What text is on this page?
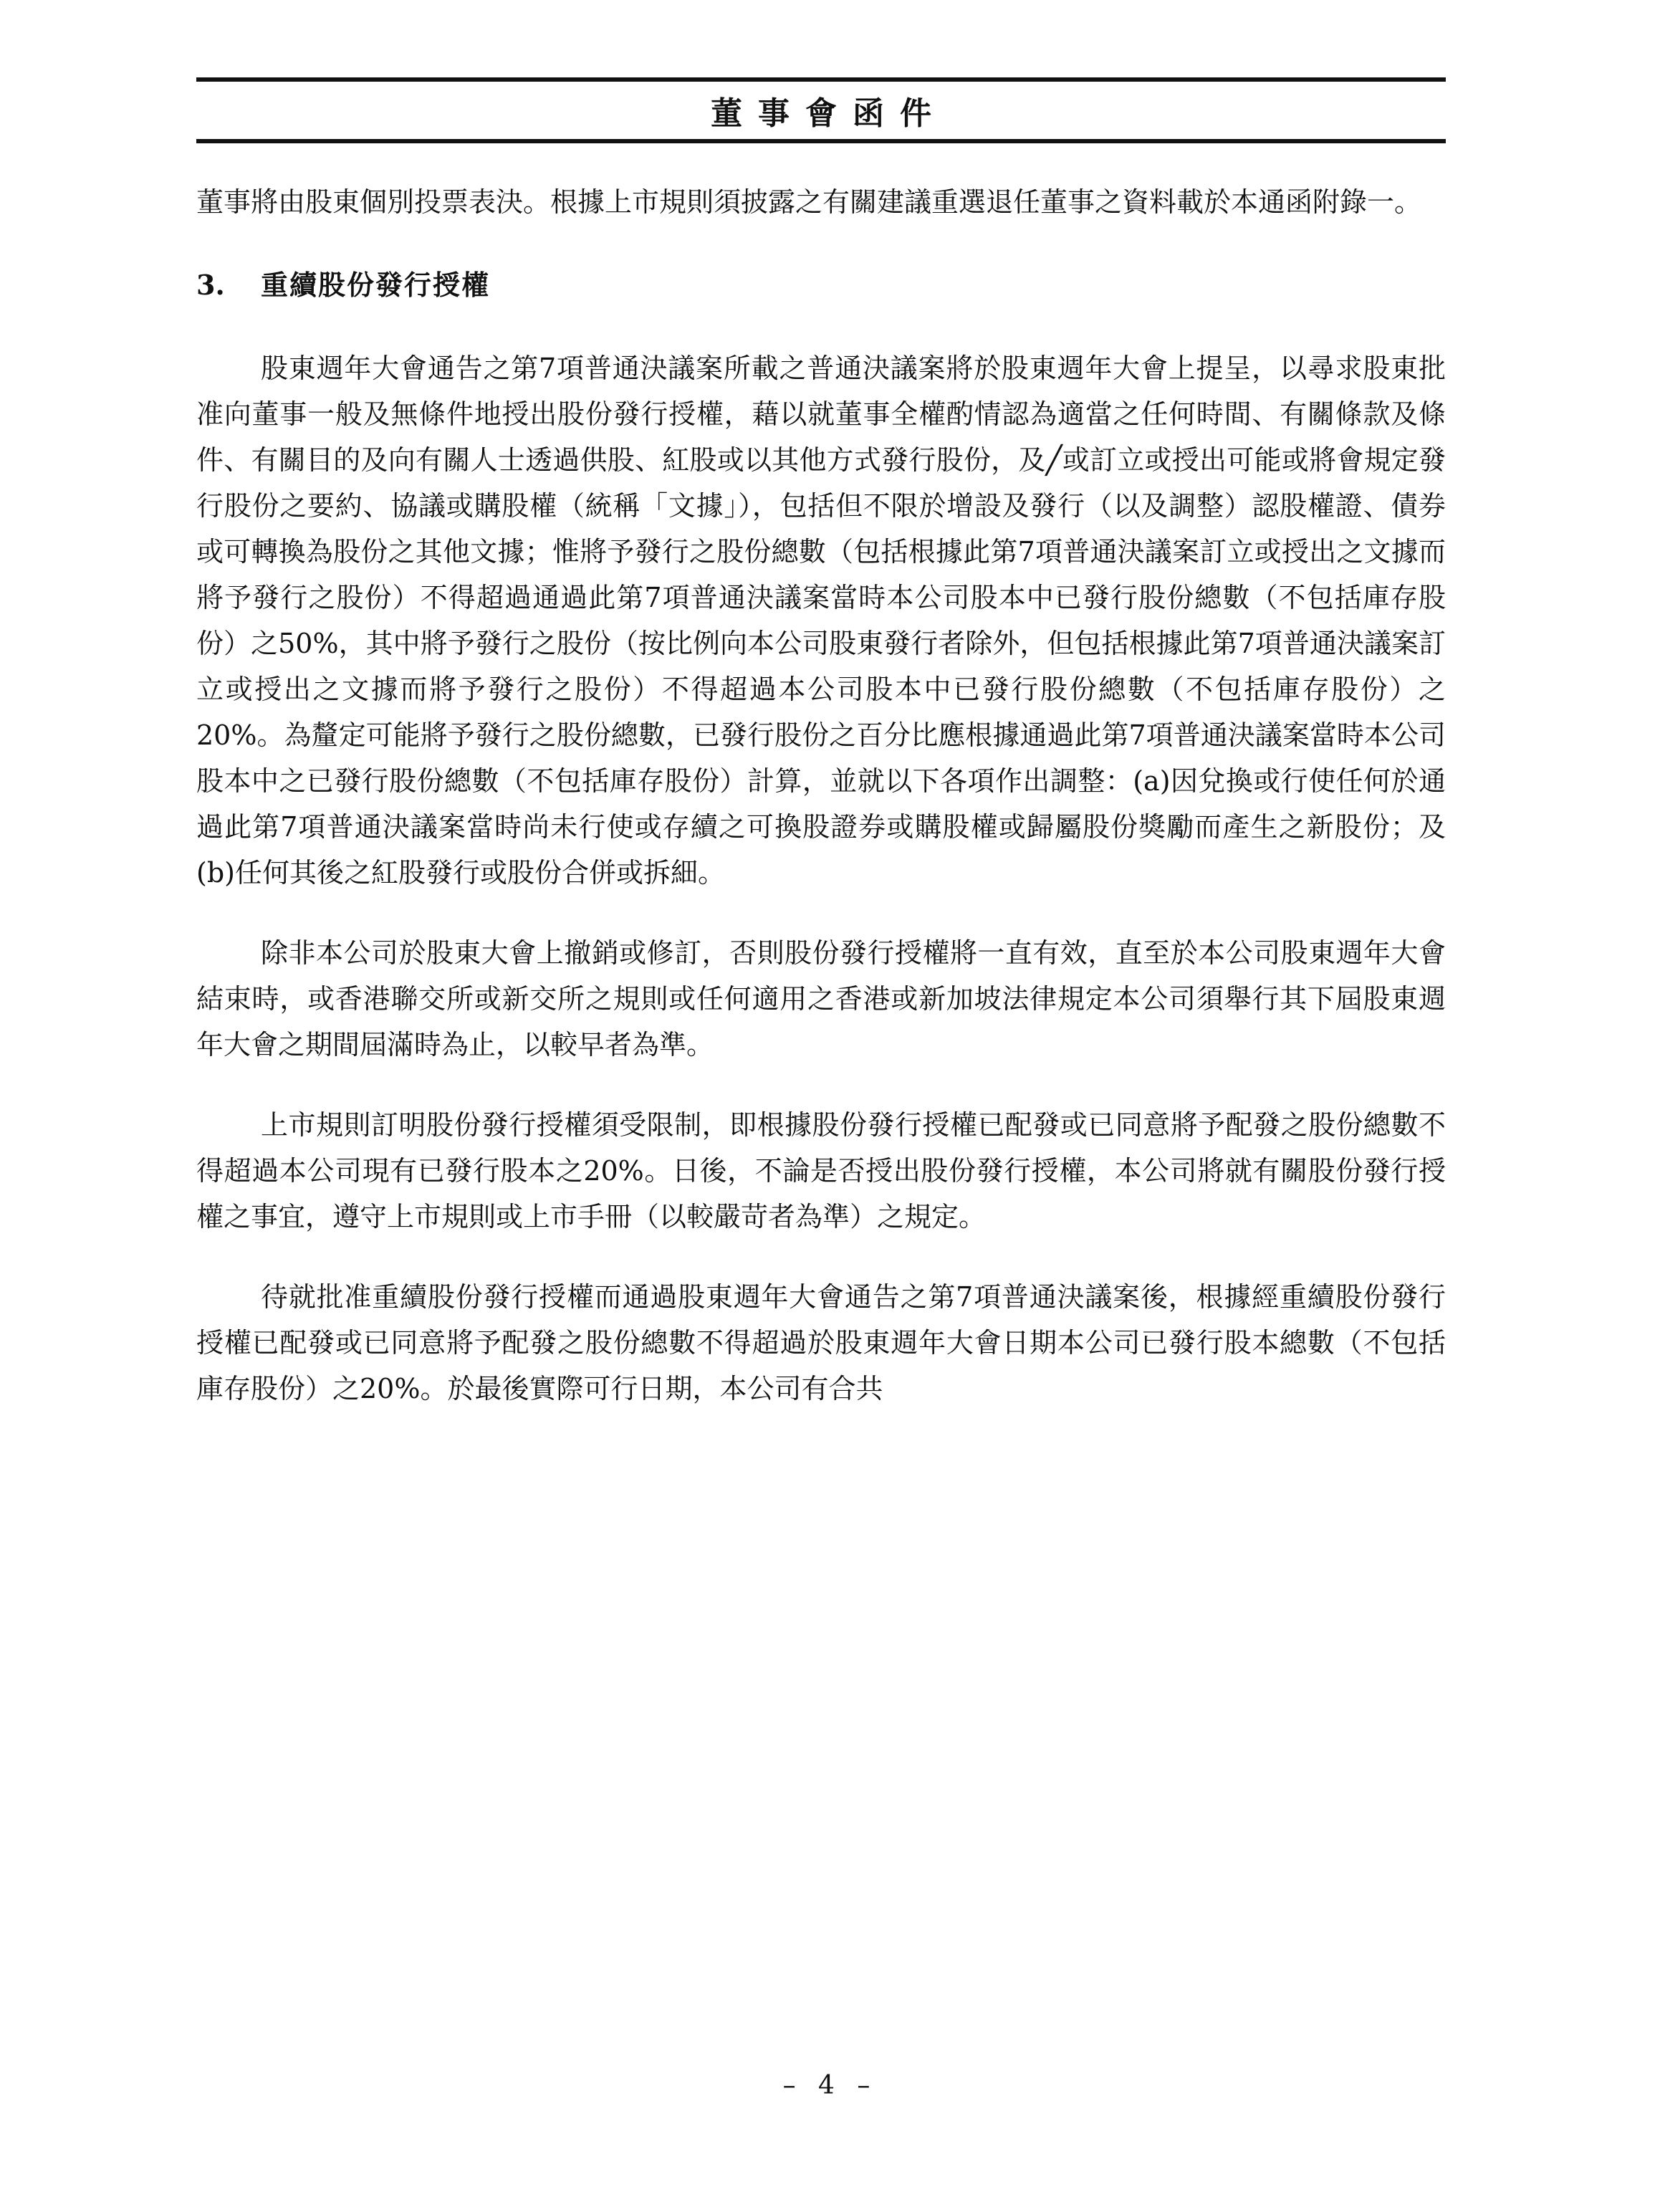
董事會函件

董事將由股東個別投票表決。根據上市規則須披露之有關建議重選退任董事之資料載於本通函附錄一。

3.	重續股份發行授權

股東週年大會通告之第7項普通決議案所載之普通決議案將於股東週年大會上提呈，以尋求股東批准向董事一般及無條件地授出股份發行授權，藉以就董事全權酌情認為適當之任何時間、有關條款及條件、有關目的及向有關人士透過供股、紅股或以其他方式發行股份，及╱或訂立或授出可能或將會規定發行股份之要約、協議或購股權（統稱「文據」），包括但不限於增設及發行（以及調整）認股權證、債券或可轉換為股份之其他文據；惟將予發行之股份總數（包括根據此第7項普通決議案訂立或授出之文據而將予發行之股份）不得超過通過此第7項普通決議案當時本公司股本中已發行股份總數（不包括庫存股份）之50%，其中將予發行之股份（按比例向本公司股東發行者除外，但包括根據此第7項普通決議案訂立或授出之文據而將予發行之股份）不得超過本公司股本中已發行股份總數（不包括庫存股份）之20%。為釐定可能將予發行之股份總數，已發行股份之百分比應根據通過此第7項普通決議案當時本公司股本中之已發行股份總數（不包括庫存股份）計算，並就以下各項作出調整：(a)因兌換或行使任何於通過此第7項普通決議案當時尚未行使或存續之可換股證券或購股權或歸屬股份獎勵而產生之新股份；及(b)任何其後之紅股發行或股份合併或拆細。

除非本公司於股東大會上撤銷或修訂，否則股份發行授權將一直有效，直至於本公司股東週年大會結束時，或香港聯交所或新交所之規則或任何適用之香港或新加坡法律規定本公司須舉行其下屆股東週年大會之期間屆滿時為止，以較早者為準。

上市規則訂明股份發行授權須受限制，即根據股份發行授權已配發或已同意將予配發之股份總數不得超過本公司現有已發行股本之20%。日後，不論是否授出股份發行授權，本公司將就有關股份發行授權之事宜，遵守上市規則或上市手冊（以較嚴苛者為準）之規定。

待就批准重續股份發行授權而通過股東週年大會通告之第7項普通決議案後，根據經重續股份發行授權已配發或已同意將予配發之股份總數不得超過於股東週年大會日期本公司已發行股本總數（不包括庫存股份）之20%。於最後實際可行日期，本公司有合共

– 4 –
